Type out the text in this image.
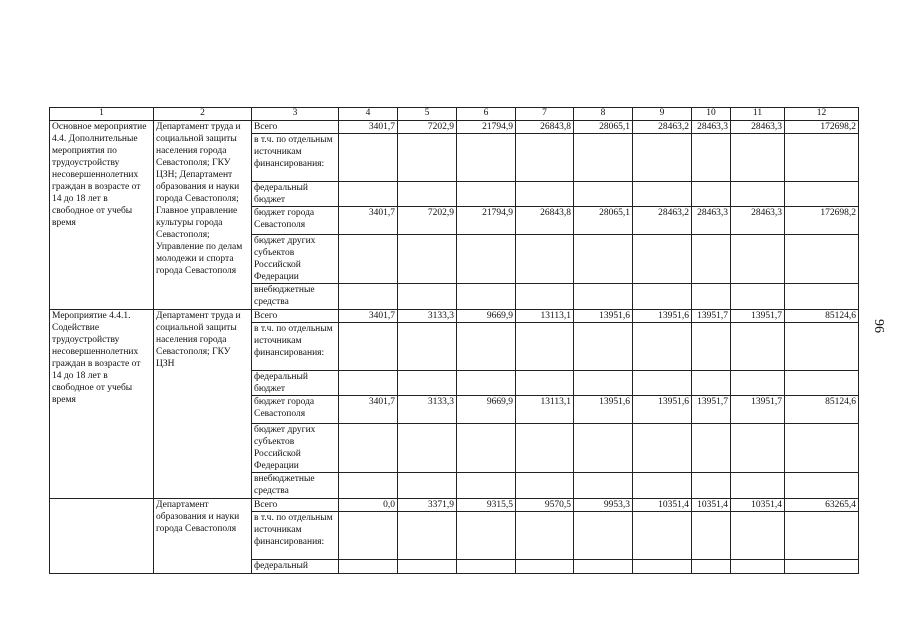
1	2	3	4	5	6	7	8	9	10	11	12
Основное мероприятие 4.4. Дополнительные мероприятия по трудоустройству несовершеннолетних граждан в возрасте от 14 до 18 лет в свободное от учебы время	Департамент труда и социальной защиты населения города Севастополя; ГКУ ЦЗН; Департамент образования и науки города Севастополя; Главное управление культуры города Севастополя; Управление по делам молодежи и спорта города Севастополя	Всего	3401,7	7202,9	21794,9	26843,8	28065,1	28463,2	28463,3	28463,3	172698,2
		в т.ч. по отдельным источникам финансирования:									
		федеральный бюджет									
		бюджет города Севастополя	3401,7	7202,9	21794,9	26843,8	28065,1	28463,2	28463,3	28463,3	172698,2
		бюджет других субъектов Российской Федерации									
		внебюджетные средства									
Мероприятие 4.4.1. Содействие трудоустройству несовершеннолетних граждан в возрасте от 14 до 18 лет в свободное от учебы время	Департамент труда и социальной защиты населения города Севастополя; ГКУ ЦЗН	Всего	3401,7	3133,3	9669,9	13113,1	13951,6	13951,6	13951,7	13951,7	85124,6
		в т.ч. по отдельным источникам финансирования:									
		федеральный бюджет									
		бюджет города Севастополя	3401,7	3133,3	9669,9	13113,1	13951,6	13951,6	13951,7	13951,7	85124,6
		бюджет других субъектов Российской Федерации									
		внебюджетные средства									
	Департамент образования и науки города Севастополя	Всего	0,0	3371,9	9315,5	9570,5	9953,3	10351,4	10351,4	10351,4	63265,4
		в т.ч. по отдельным источникам финансирования:									
		федеральный									
96
